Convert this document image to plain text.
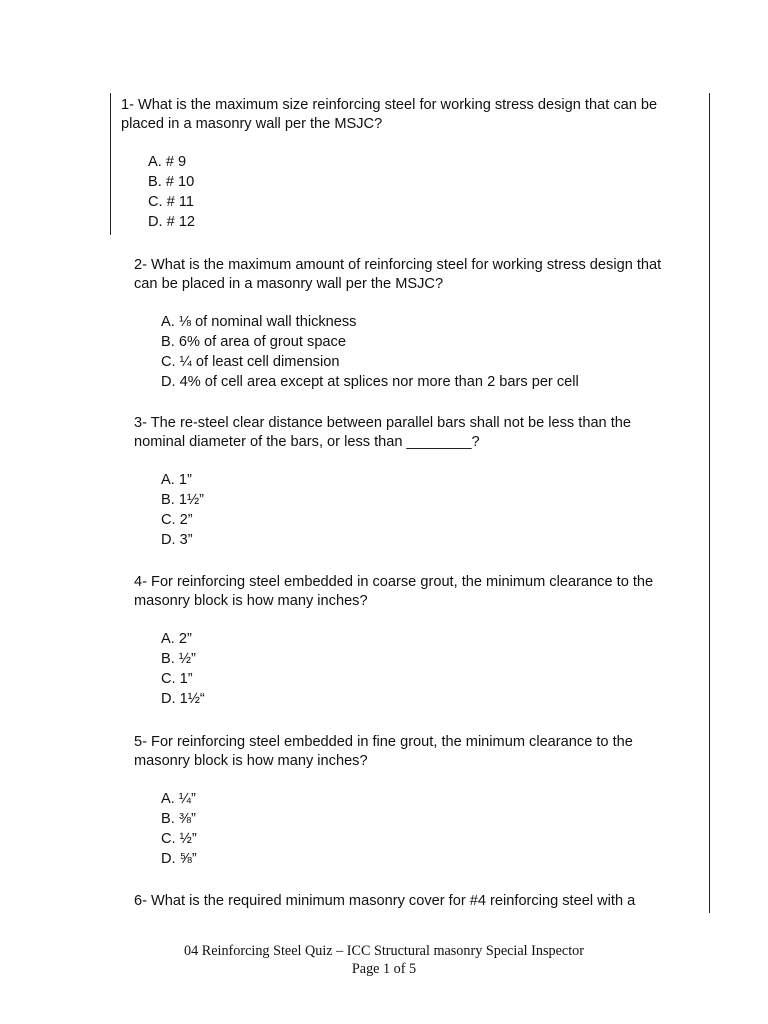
1- What is the maximum size reinforcing steel for working stress design that can be placed in a masonry wall per the MSJC?

A. # 9
B. # 10
C. # 11
D. # 12

2- What is the maximum amount of reinforcing steel for working stress design that can be placed in a masonry wall per the MSJC?

A. ⅛ of nominal wall thickness
B. 6% of area of grout space
C. ¼ of least cell dimension
D. 4% of cell area except at splices nor more than 2 bars per cell

3- The re-steel clear distance between parallel bars shall not be less than the nominal diameter of the bars, or less than ________?

A. 1”
B. 1½”
C. 2”
D. 3”

4- For reinforcing steel embedded in coarse grout, the minimum clearance to the masonry block is how many inches?

A. 2”
B. ½”
C. 1”
D. 1½“

5- For reinforcing steel embedded in fine grout, the minimum clearance to the masonry block is how many inches?

A. ¼”
B. ⅜”
C. ½”
D. ⅝”

6- What is the required minimum masonry cover for #4 reinforcing steel with a

04 Reinforcing Steel Quiz – ICC Structural masonry Special Inspector
Page 1 of 5
